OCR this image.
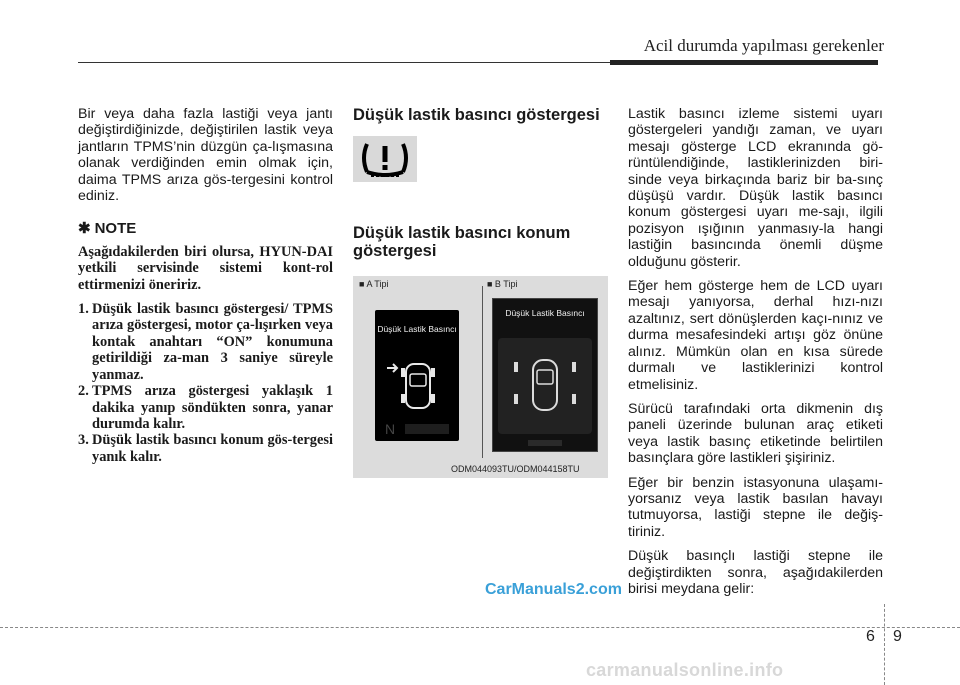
Acil durumda yapılması gerekenler

Bir veya daha fazla lastiği veya jantı değiştirdiğinizde, değiştirilen lastik veya jantların TPMS’nin düzgün ça-lışmasına olanak verdiğinden emin olmak için, daima TPMS arıza gös-tergesini kontrol ediniz.

✱ NOTE

Aşağıdakilerden biri olursa, HYUN-DAI yetkili servisinde sistemi kont-rol ettirmenizi öneririz.

1. Düşük lastik basıncı göstergesi/ TPMS arıza göstergesi, motor ça-lışırken veya kontak anahtarı “ON” konumuna getirildiği za-man 3 saniye süreyle yanmaz.
2. TPMS arıza göstergesi yaklaşık 1 dakika yanıp söndükten sonra, yanar durumda kalır.
3. Düşük lastik basıncı konum gös-tergesi yanık kalır.
Düşük lastik basıncı göstergesi
Düşük lastik basıncı konum göstergesi
■ A Tipi	■ B Tipi
Düşük Lastik Basıncı
N
Düşük Lastik Basıncı
ODM044093TU/ODM044158TU

Lastik basıncı izleme sistemi uyarı göstergeleri yandığı zaman, ve uyarı mesajı gösterge LCD ekranında gö-rüntülendiğinde, lastiklerinizden biri-sinde veya birkaçında bariz bir ba-sınç düşüşü vardır. Düşük lastik basıncı konum göstergesi uyarı me-sajı, ilgili pozisyon ışığının yanmasıy-la hangi lastiğin basıncında önemli düşme olduğunu gösterir.

Eğer hem gösterge hem de LCD uyarı mesajı yanıyorsa, derhal hızı-nızı azaltınız, sert dönüşlerden kaçı-nınız ve durma mesafesindeki artışı göz önüne alınız. Mümkün olan en kısa sürede durmalı ve lastiklerinizi kontrol etmelisiniz.

Sürücü tarafındaki orta dikmenin dış paneli üzerinde bulunan araç etiketi veya lastik basınç etiketinde belirtilen basınçlara göre lastikleri şişiriniz.

Eğer bir benzin istasyonuna ulaşamı-yorsanız veya lastik basılan havayı tutmuyorsa, lastiği stepne ile değiş-tiriniz.

Düşük basınçlı lastiği stepne ile değiştirdikten sonra, aşağıdakilerden birisi meydana gelir:

CarManuals2.com
6 9
carmanualsonline.info
